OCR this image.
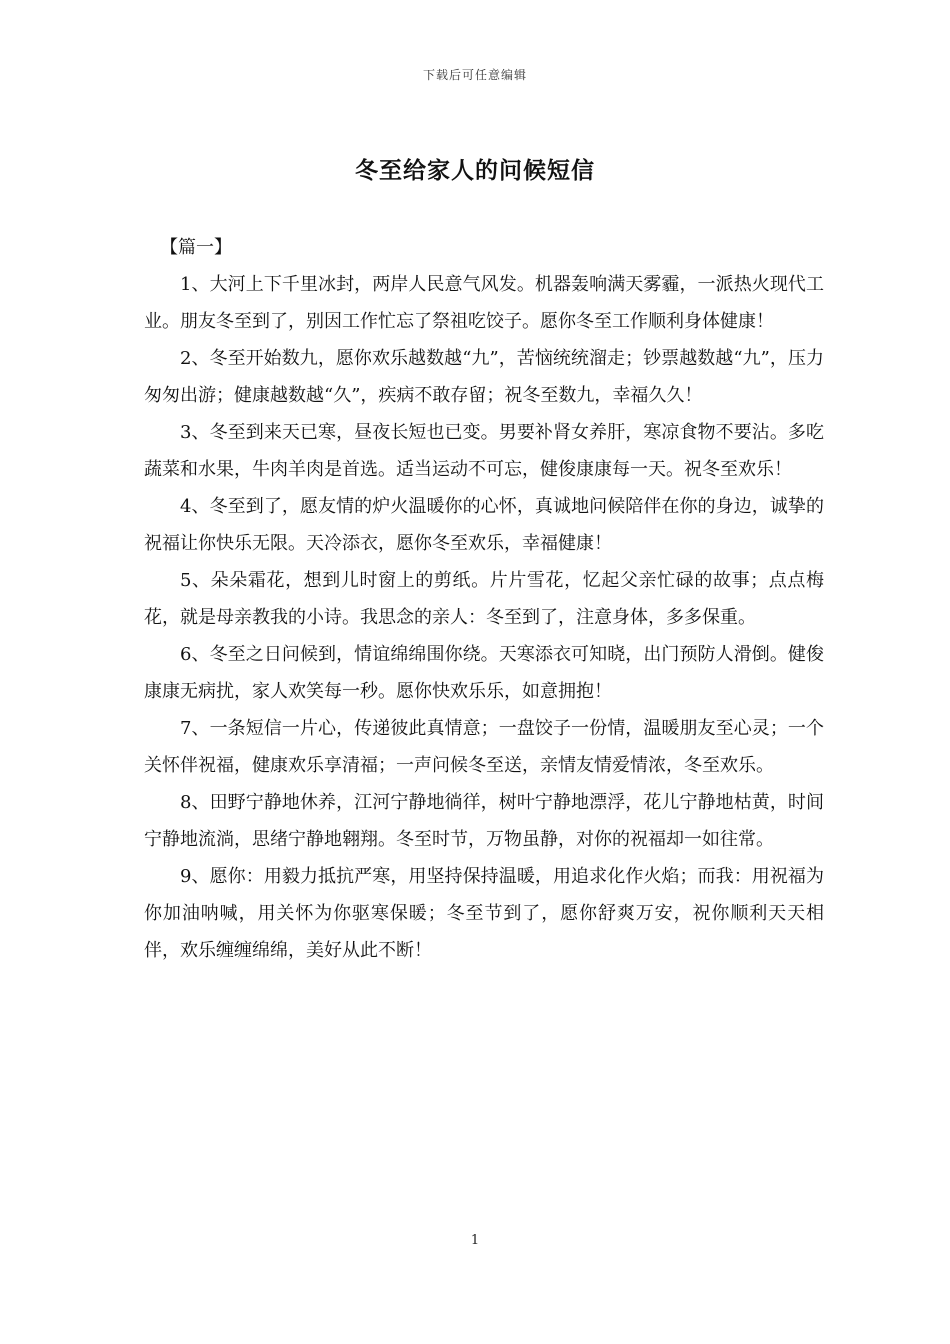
下载后可任意编辑
冬至给家人的问候短信
【篇一】

1、大河上下千里冰封，两岸人民意气风发。机器轰响满天雾霾，一派热火现代工业。朋友冬至到了，别因工作忙忘了祭祖吃饺子。愿你冬至工作顺利身体健康！

2、冬至开始数九，愿你欢乐越数越“九”，苦恼统统溜走；钞票越数越“九”，压力匆匆出游；健康越数越“久”，疾病不敢存留；祝冬至数九，幸福久久！

3、冬至到来天已寒，昼夜长短也已变。男要补肾女养肝，寒凉食物不要沾。多吃蔬菜和水果，牛肉羊肉是首选。适当运动不可忘，健俊康康每一天。祝冬至欢乐！

4、冬至到了，愿友情的炉火温暖你的心怀，真诚地问候陪伴在你的身边，诚挚的祝福让你快乐无限。天冷添衣，愿你冬至欢乐，幸福健康！

5、朵朵霜花，想到儿时窗上的剪纸。片片雪花，忆起父亲忙碌的故事；点点梅花，就是母亲教我的小诗。我思念的亲人：冬至到了，注意身体，多多保重。

6、冬至之日问候到，情谊绵绵围你绕。天寒添衣可知晓，出门预防人滑倒。健俊康康无病扰，家人欢笑每一秒。愿你快欢乐乐，如意拥抱！

7、一条短信一片心，传递彼此真情意；一盘饺子一份情，温暖朋友至心灵；一个关怀伴祝福，健康欢乐享清福；一声问候冬至送，亲情友情爱情浓，冬至欢乐。

8、田野宁静地休养，江河宁静地徜徉，树叶宁静地漂浮，花儿宁静地枯黄，时间宁静地流淌，思绪宁静地翱翔。冬至时节，万物虽静，对你的祝福却一如往常。

9、愿你：用毅力抵抗严寒，用坚持保持温暖，用追求化作火焰；而我：用祝福为你加油呐喊，用关怀为你驱寒保暖；冬至节到了，愿你舒爽万安，祝你顺利天天相伴，欢乐缠缠绵绵，美好从此不断！

1
